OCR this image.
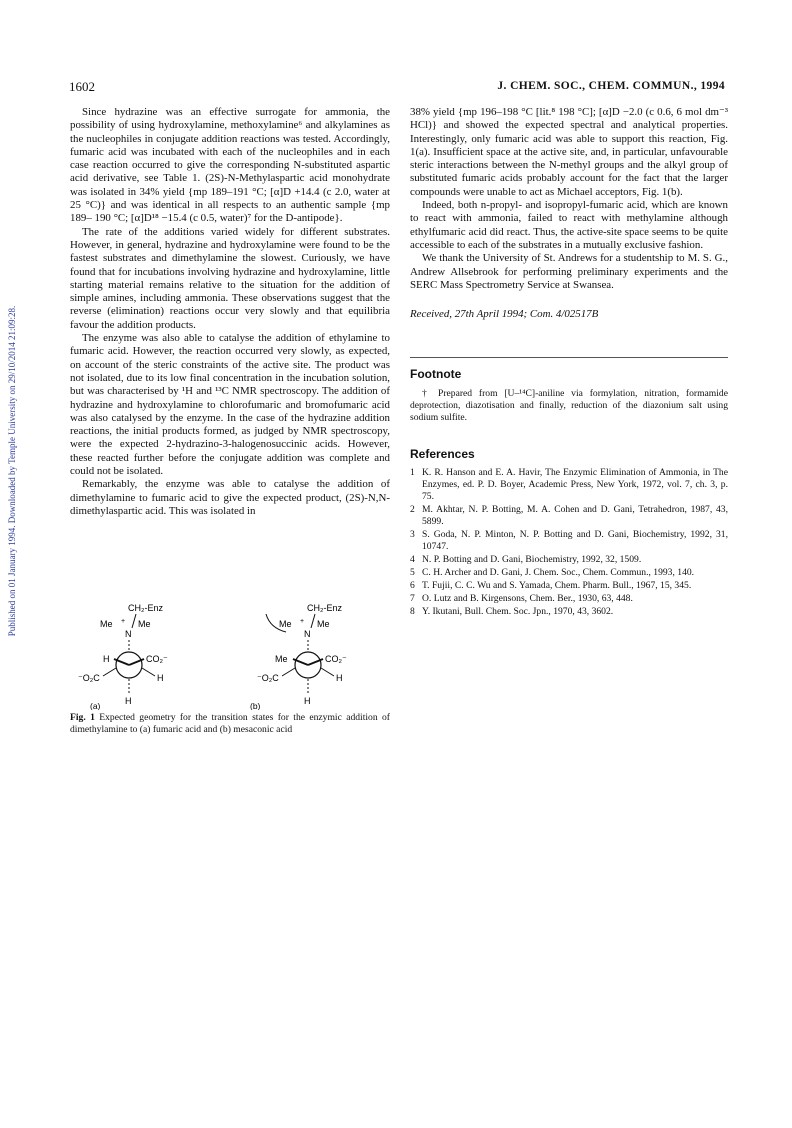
Published on 01 January 1994. Downloaded by Temple University on 29/10/2014 21:09:28.
1602	J. CHEM. SOC., CHEM. COMMUN., 1994

Since hydrazine was an effective surrogate for ammonia, the possibility of using hydroxylamine, methoxylamine⁶ and alkylamines as the nucleophiles in conjugate addition reactions was tested. Accordingly, fumaric acid was incubated with each of the nucleophiles and in each case reaction occurred to give the corresponding N-substituted aspartic acid derivative, see Table 1. (2S)-N-Methylaspartic acid monohydrate was isolated in 34% yield {mp 189–191 °C; [α]D +14.4 (c 2.0, water at 25 °C)} and was identical in all respects to an authentic sample {mp 189– 190 °C; [α]D¹⁸ −15.4 (c 0.5, water)⁷ for the D-antipode}.

The rate of the additions varied widely for different substrates. However, in general, hydrazine and hydroxylamine were found to be the fastest substrates and dimethylamine the slowest. Curiously, we have found that for incubations involving hydrazine and hydroxylamine, little starting material remains relative to the situation for the addition of simple amines, including ammonia. These observations suggest that the reverse (elimination) reactions occur very slowly and that equilibria favour the addition products.

The enzyme was also able to catalyse the addition of ethylamine to fumaric acid. However, the reaction occurred very slowly, as expected, on account of the steric constraints of the active site. The product was not isolated, due to its low final concentration in the incubation solution, but was characterised by ¹H and ¹³C NMR spectroscopy. The addition of hydrazine and hydroxylamine to chlorofumaric and bromofumaric acid was also catalysed by the enzyme. In the case of the hydrazine addition reactions, the initial products formed, as judged by NMR spectroscopy, were the expected 2-hydrazino-3-halogenosuccinic acids. However, these reacted further before the conjugate addition was complete and could not be isolated.

Remarkably, the enzyme was able to catalyse the addition of dimethylamine to fumaric acid to give the expected product, (2S)-N,N-dimethylaspartic acid. This was isolated in

CH₂-Enz
Me + Me
N
H	CO₂⁻
⁻O₂C	H
H
(a)
CH₂-Enz
Me + Me
N
Me	CO₂⁻
⁻O₂C	H
H
(b)
Fig. 1 Expected geometry for the transition states for the enzymic addition of dimethylamine to (a) fumaric acid and (b) mesaconic acid

38% yield {mp 196–198 °C [lit.⁸ 198 °C]; [α]D −2.0 (c 0.6, 6 mol dm⁻³ HCl)} and showed the expected spectral and analytical properties. Interestingly, only fumaric acid was able to support this reaction, Fig. 1(a). Insufficient space at the active site, and, in particular, unfavourable steric interactions between the N-methyl groups and the alkyl group of substituted fumaric acids probably account for the fact that the larger compounds were unable to act as Michael acceptors, Fig. 1(b).

Indeed, both n-propyl- and isopropyl-fumaric acid, which are known to react with ammonia, failed to react with methylamine although ethylfumaric acid did react. Thus, the active-site space seems to be quite accessible to each of the substrates in a mutually exclusive fashion.

We thank the University of St. Andrews for a studentship to M. S. G., Andrew Allsebrook for performing preliminary experiments and the SERC Mass Spectrometry Service at Swansea.

Received, 27th April 1994; Com. 4/02517B

Footnote

† Prepared from [U–¹⁴C]-aniline via formylation, nitration, formamide deprotection, diazotisation and finally, reduction of the diazonium salt using sodium sulfite.

References
1 K. R. Hanson and E. A. Havir, The Enzymic Elimination of Ammonia, in The Enzymes, ed. P. D. Boyer, Academic Press, New York, 1972, vol. 7, ch. 3, p. 75.
2 M. Akhtar, N. P. Botting, M. A. Cohen and D. Gani, Tetrahedron, 1987, 43, 5899.
3 S. Goda, N. P. Minton, N. P. Botting and D. Gani, Biochemistry, 1992, 31, 10747.
4 N. P. Botting and D. Gani, Biochemistry, 1992, 32, 1509.
5 C. H. Archer and D. Gani, J. Chem. Soc., Chem. Commun., 1993, 140.
6 T. Fujii, C. C. Wu and S. Yamada, Chem. Pharm. Bull., 1967, 15, 345.
7 O. Lutz and B. Kirgensons, Chem. Ber., 1930, 63, 448.
8 Y. Ikutani, Bull. Chem. Soc. Jpn., 1970, 43, 3602.
